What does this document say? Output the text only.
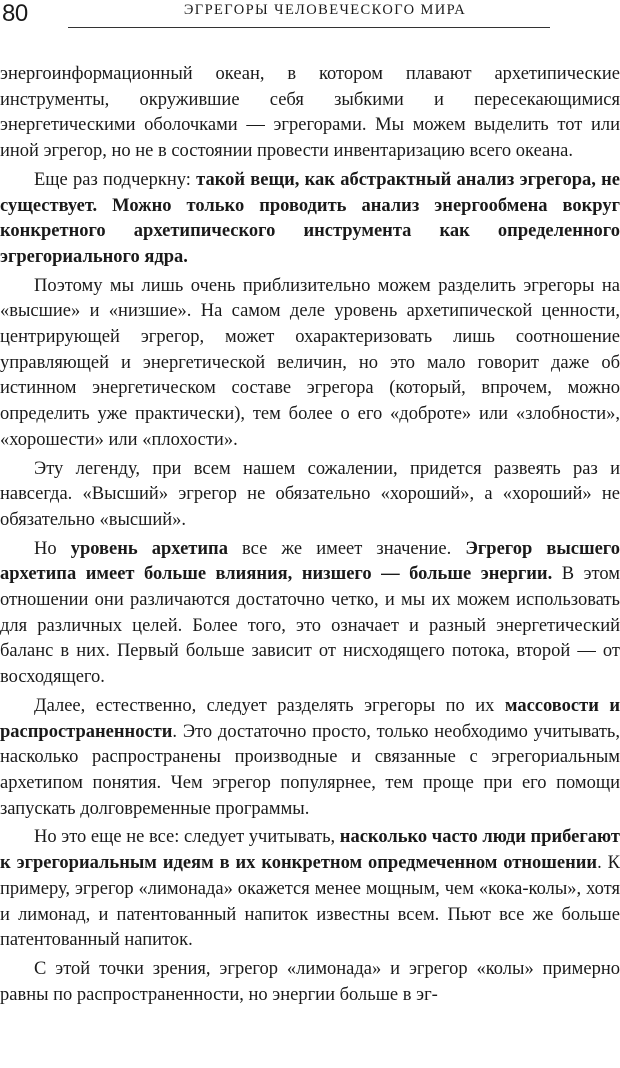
80	ЭГРЕГОРЫ ЧЕЛОВЕЧЕСКОГО МИРА

энергоинформационный океан, в котором плавают архетипические инструменты, окружившие себя зыбкими и пересекающимися энергетическими оболочками — эгрегорами. Мы можем выделить тот или иной эгрегор, но не в состоянии провести инвентаризацию всего океана.

Еще раз подчеркну: такой вещи, как абстрактный анализ эгрегора, не существует. Можно только проводить анализ энергообмена вокруг конкретного архетипического инструмента как определенного эгрегориального ядра.

Поэтому мы лишь очень приблизительно можем разделить эгрегоры на «высшие» и «низшие». На самом деле уровень архетипической ценности, центрирующей эгрегор, может охарактеризовать лишь соотношение управляющей и энергетической величин, но это мало говорит даже об истинном энергетическом составе эгрегора (который, впрочем, можно определить уже практически), тем более о его «доброте» или «злобности», «хорошести» или «плохости».

Эту легенду, при всем нашем сожалении, придется развеять раз и навсегда. «Высший» эгрегор не обязательно «хороший», а «хороший» не обязательно «высший».

Но уровень архетипа все же имеет значение. Эгрегор высшего архетипа имеет больше влияния, низшего — больше энергии. В этом отношении они различаются достаточно четко, и мы их можем использовать для различных целей. Более того, это означает и разный энергетический баланс в них. Первый больше зависит от нисходящего потока, второй — от восходящего.

Далее, естественно, следует разделять эгрегоры по их массовости и распространенности. Это достаточно просто, только необходимо учитывать, насколько распространены производные и связанные с эгрегориальным архетипом понятия. Чем эгрегор популярнее, тем проще при его помощи запускать долговременные программы.

Но это еще не все: следует учитывать, насколько часто люди прибегают к эгрегориальным идеям в их конкретном опредмеченном отношении. К примеру, эгрегор «лимонада» окажется менее мощным, чем «кока-колы», хотя и лимонад, и патентованный напиток известны всем. Пьют все же больше патентованный напиток.

С этой точки зрения, эгрегор «лимонада» и эгрегор «колы» примерно равны по распространенности, но энергии больше в эг-
